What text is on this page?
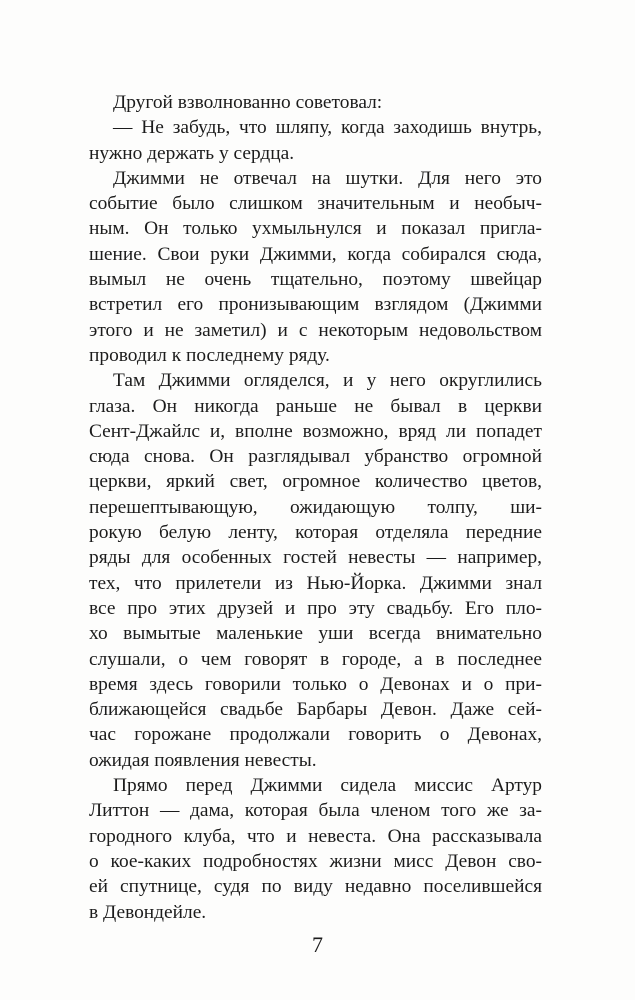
Другой взволнованно советовал:
— Не забудь, что шляпу, когда заходишь внутрь,
нужно держать у сердца.
Джимми не отвечал на шутки. Для него это
событие было слишком значительным и необыч-
ным. Он только ухмыльнулся и показал пригла-
шение. Свои руки Джимми, когда собирался сюда,
вымыл не очень тщательно, поэтому швейцар
встретил его пронизывающим взглядом (Джимми
этого и не заметил) и с некоторым недовольством
проводил к последнему ряду.
Там Джимми огляделся, и у него округлились
глаза. Он никогда раньше не бывал в церкви
Сент-Джайлс и, вполне возможно, вряд ли попадет
сюда снова. Он разглядывал убранство огромной
церкви, яркий свет, огромное количество цветов,
перешептывающую, ожидающую толпу, ши-
рокую белую ленту, которая отделяла передние
ряды для особенных гостей невесты — например,
тех, что прилетели из Нью-Йорка. Джимми знал
все про этих друзей и про эту свадьбу. Его пло-
хо вымытые маленькие уши всегда внимательно
слушали, о чем говорят в городе, а в последнее
время здесь говорили только о Девонах и о при-
ближающейся свадьбе Барбары Девон. Даже сей-
час горожане продолжали говорить о Девонах,
ожидая появления невесты.
Прямо перед Джимми сидела миссис Артур
Литтон — дама, которая была членом того же за-
городного клуба, что и невеста. Она рассказывала
о кое-каких подробностях жизни мисс Девон сво-
ей спутнице, судя по виду недавно поселившейся
в Девондейле.
7
